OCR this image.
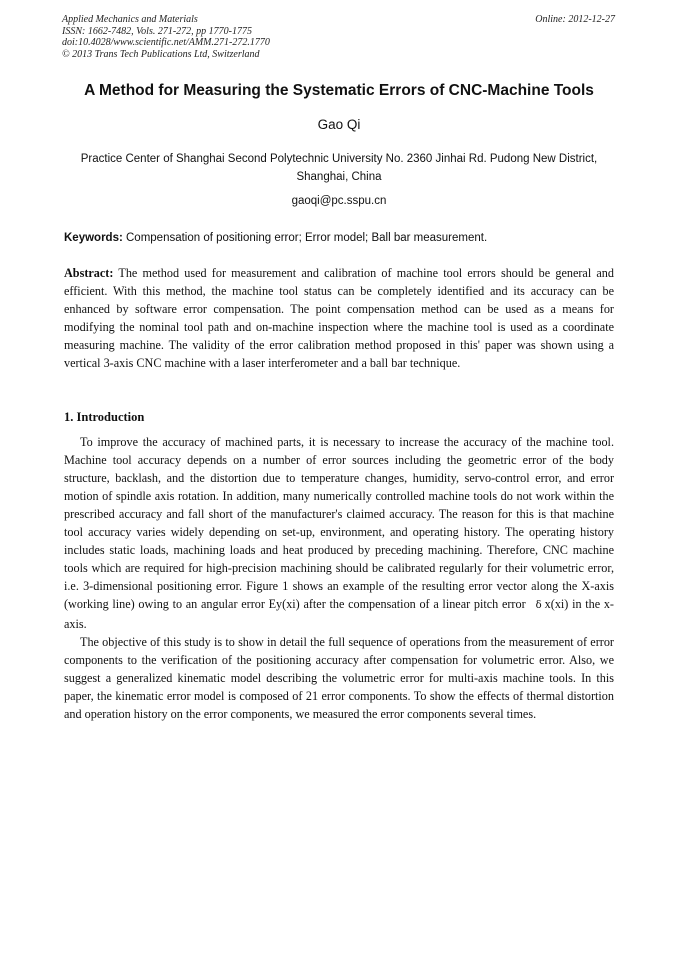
Applied Mechanics and Materials
ISSN: 1662-7482, Vols. 271-272, pp 1770-1775
doi:10.4028/www.scientific.net/AMM.271-272.1770
© 2013 Trans Tech Publications Ltd, Switzerland
Online: 2012-12-27
A Method for Measuring the Systematic Errors of CNC-Machine Tools
Gao Qi
Practice Center of Shanghai Second Polytechnic University No. 2360 Jinhai Rd. Pudong New District, Shanghai, China
gaoqi@pc.sspu.cn
Keywords: Compensation of positioning error; Error model; Ball bar measurement.
Abstract: The method used for measurement and calibration of machine tool errors should be general and efficient. With this method, the machine tool status can be completely identified and its accuracy can be enhanced by software error compensation. The point compensation method can be used as a means for modifying the nominal tool path and on-machine inspection where the machine tool is used as a coordinate measuring machine. The validity of the error calibration method proposed in this' paper was shown using a vertical 3-axis CNC machine with a laser interferometer and a ball bar technique.
1. Introduction

To improve the accuracy of machined parts, it is necessary to increase the accuracy of the machine tool. Machine tool accuracy depends on a number of error sources including the geometric error of the body structure, backlash, and the distortion due to temperature changes, humidity, servo-control error, and error motion of spindle axis rotation. In addition, many numerically controlled machine tools do not work within the prescribed accuracy and fall short of the manufacturer's claimed accuracy. The reason for this is that machine tool accuracy varies widely depending on set-up, environment, and operating history. The operating history includes static loads, machining loads and heat produced by preceding machining. Therefore, CNC machine tools which are required for high-precision machining should be calibrated regularly for their volumetric error, i.e. 3-dimensional positioning error. Figure 1 shows an example of the resulting error vector along the X-axis (working line) owing to an angular error Ey(xi) after the compensation of a linear pitch error δ x(xi) in the x-axis.

The objective of this study is to show in detail the full sequence of operations from the measurement of error components to the verification of the positioning accuracy after compensation for volumetric error. Also, we suggest a generalized kinematic model describing the volumetric error for multi-axis machine tools. In this paper, the kinematic error model is composed of 21 error components. To show the effects of thermal distortion and operation history on the error components, we measured the error components several times.
